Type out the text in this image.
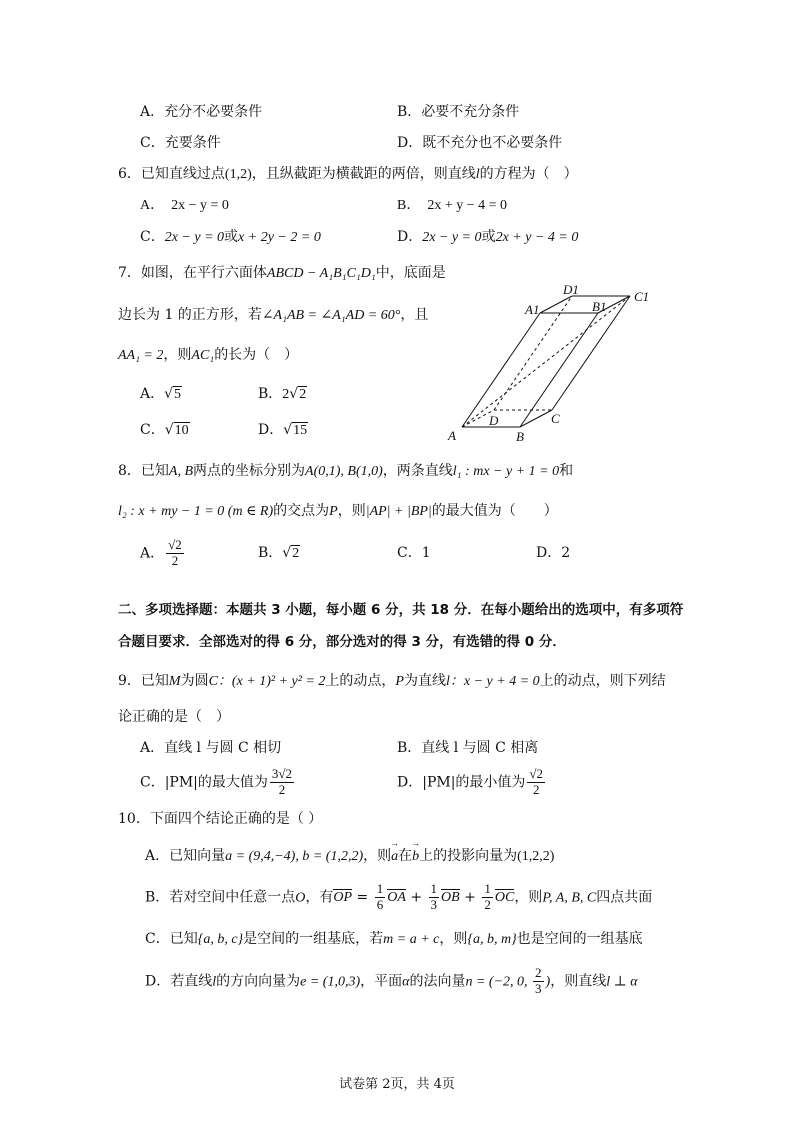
A．充分不必要条件	B．必要不充分条件
C．充要条件	D．既不充分也不必要条件
6．已知直线过点(1,2)，且纵截距为横截距的两倍，则直线l的方程为（　）
A．　2x − y = 0	B．　2x + y − 4 = 0
C．2x − y = 0或x + 2y − 2 = 0	D．2x − y = 0或2x + y − 4 = 0
7．如图，在平行六面体ABCD − A₁B₁C₁D₁中，底面是
边长为 1 的正方形，若∠A₁AB = ∠A₁AD = 60°，且
AA₁ = 2，则AC₁的长为（　）
A．√5	B．2√2
C．√10	D．√15	A	B
C
D
A1	B1
C1
D1
8．已知A, B两点的坐标分别为A(0,1), B(1,0)，两条直线l₁ : mx − y + 1 = 0和
l₂ : x + my − 1 = 0 (m ∈ R)的交点为P，则|AP| + |BP|的最大值为（　　）
A． $\frac{√2}{2}$	B．√2	C．1	D．2
二、多项选择题：本题共 3 小题，每小题 6 分，共 18 分．在每小题给出的选项中，有多项符
合题目要求．全部选对的得 6 分，部分选对的得 3 分，有选错的得 0 分．
9．已知M为圆C：(x + 1)² + y² = 2上的动点，P为直线l：x − y + 4 = 0上的动点，则下列结
论正确的是（　）
A．直线 l 与圆 C 相切	B．直线 l 与圆 C 相离
C．|PM|的最大值为 $\frac{3√2}{2}$	D．|PM|的最小值为 $\frac{√2}{2}$
10．下面四个结论正确的是（ ）
A．已知向量a = (9,4,−4), b = (1,2,2)，则→ a在→ b上的投影向量为(1,2,2)
B．若对空间中任意一点O，有OP = $\frac{1}{6}$ OA + $\frac{1}{3}$ OB + $\frac{1}{2}$ OC，则P, A, B, C四点共面
C．已知{a, b, c}是空间的一组基底，若m = a + c，则{a, b, m}也是空间的一组基底
D．若直线l的方向向量为e = (1,0,3)，平面α的法向量n = (−2, 0, $\frac{2}{3}$ )，则直线l ⊥ α
试卷第 2页，共 4页
